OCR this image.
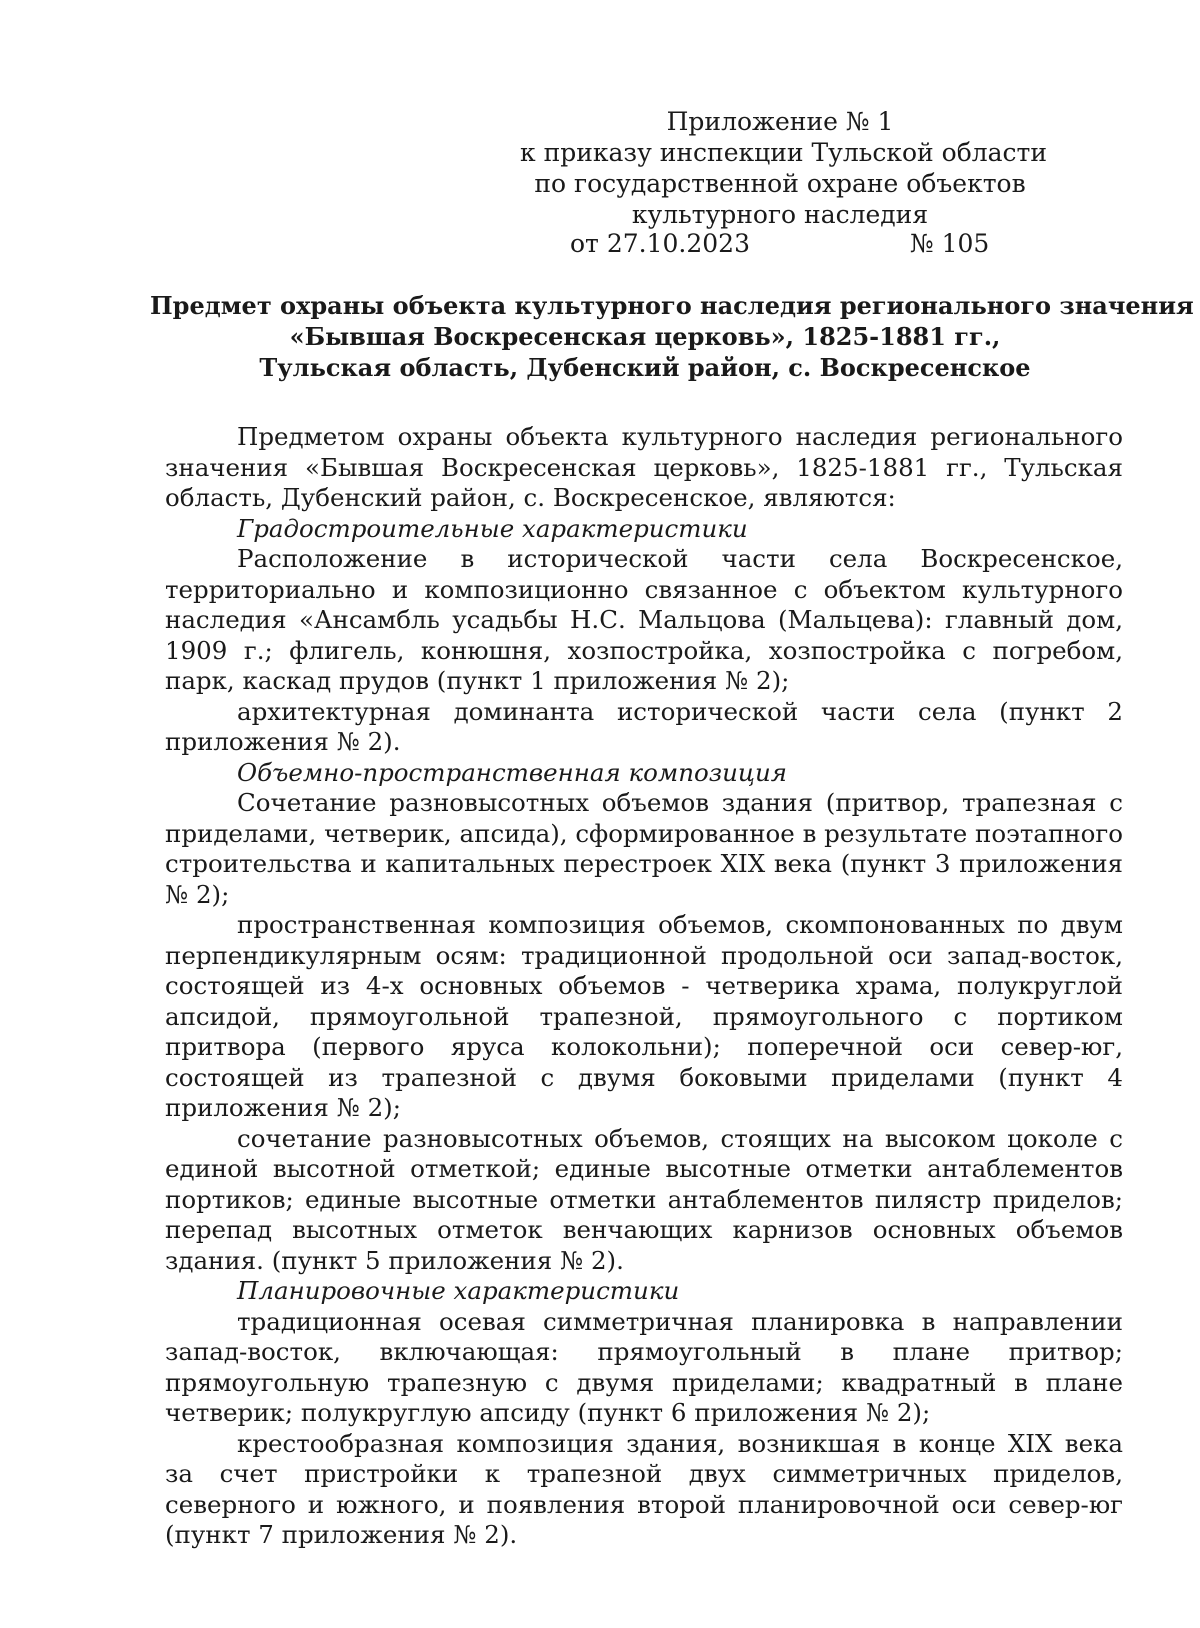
Приложение № 1
к приказу инспекции Тульской области
по государственной охране объектов
культурного наследия
от 27.10.2023	№ 105
Предмет охраны объекта культурного наследия регионального значения
«Бывшая Воскресенская церковь», 1825-1881 гг.,
Тульская область, Дубенский район, с. Воскресенское

Предметом охраны объекта культурного наследия регионального значения «Бывшая Воскресенская церковь», 1825-1881 гг., Тульская область, Дубенский район, с. Воскресенское, являются:

Градостроительные характеристики

Расположение в исторической части села Воскресенское, территориально и композиционно связанное с объектом культурного наследия «Ансамбль усадьбы Н.С. Мальцова (Мальцева): главный дом, 1909 г.; флигель, конюшня, хозпостройка, хозпостройка с погребом, парк, каскад прудов (пункт 1 приложения № 2);

архитектурная доминанта исторической части села (пункт 2 приложения № 2).

Объемно-пространственная композиция

Сочетание разновысотных объемов здания (притвор, трапезная с приделами, четверик, апсида), сформированное в результате поэтапного строительства и капитальных перестроек XIX века (пункт 3 приложения № 2);

пространственная композиция объемов, скомпонованных по двум перпендикулярным осям: традиционной продольной оси запад-восток, состоящей из 4-х основных объемов - четверика храма, полукруглой апсидой, прямоугольной трапезной, прямоугольного с портиком притвора (первого яруса колокольни); поперечной оси север-юг, состоящей из трапезной с двумя боковыми приделами (пункт 4 приложения № 2);

сочетание разновысотных объемов, стоящих на высоком цоколе с единой высотной отметкой; единые высотные отметки антаблементов портиков; единые высотные отметки антаблементов пилястр приделов; перепад высотных отметок венчающих карнизов основных объемов здания. (пункт 5 приложения № 2).

Планировочные характеристики

традиционная осевая симметричная планировка в направлении запад-восток, включающая: прямоугольный в плане притвор; прямоугольную трапезную с двумя приделами; квадратный в плане четверик; полукруглую апсиду (пункт 6 приложения № 2);

крестообразная композиция здания, возникшая в конце XIX века за счет пристройки к трапезной двух симметричных приделов, северного и южного, и появления второй планировочной оси север-юг (пункт 7 приложения № 2).
